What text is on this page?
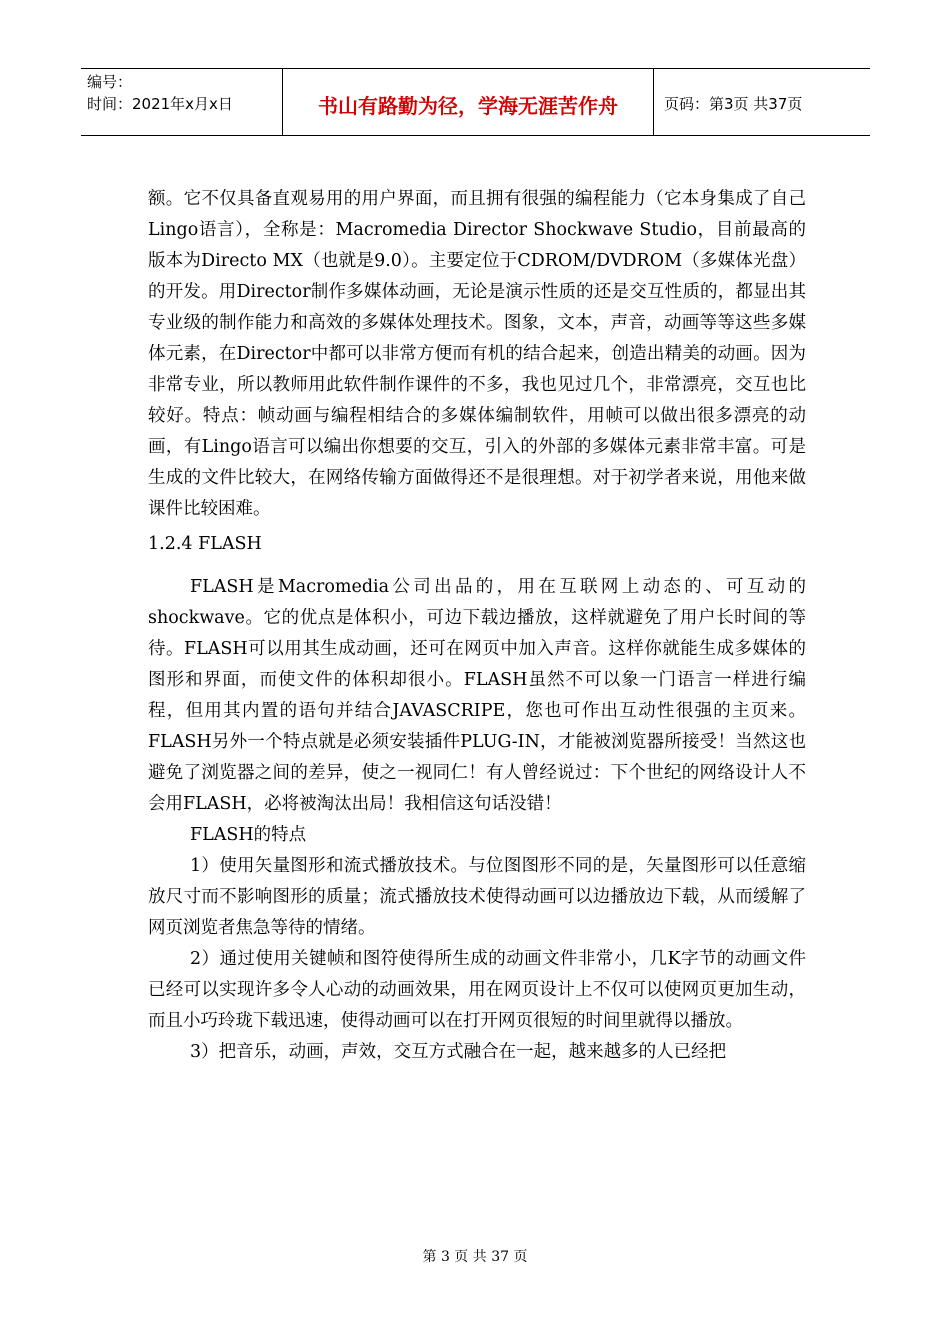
编号：
时间：2021年x月x日	书山有路勤为径，学海无涯苦作舟	页码：第3页 共37页

额。它不仅具备直观易用的用户界面，而且拥有很强的编程能力（它本身集成了自己Lingo语言），全称是：Macromedia Director Shockwave Studio，目前最高的版本为Directo MX（也就是9.0）。主要定位于CDROM/DVDROM（多媒体光盘）的开发。用Director制作多媒体动画，无论是演示性质的还是交互性质的，都显出其专业级的制作能力和高效的多媒体处理技术。图象，文本，声音，动画等等这些多媒体元素，在Director中都可以非常方便而有机的结合起来，创造出精美的动画。因为非常专业，所以教师用此软件制作课件的不多，我也见过几个，非常漂亮，交互也比较好。特点：帧动画与编程相结合的多媒体编制软件，用帧可以做出很多漂亮的动画，有Lingo语言可以编出你想要的交互，引入的外部的多媒体元素非常丰富。可是生成的文件比较大，在网络传输方面做得还不是很理想。对于初学者来说，用他来做课件比较困难。

1.2.4 FLASH

FLASH是Macromedia公司出品的，用在互联网上动态的、可互动的shockwave。它的优点是体积小，可边下载边播放，这样就避免了用户长时间的等待。FLASH可以用其生成动画，还可在网页中加入声音。这样你就能生成多媒体的图形和界面，而使文件的体积却很小。FLASH虽然不可以象一门语言一样进行编程，但用其内置的语句并结合JAVASCRIPE，您也可作出互动性很强的主页来。FLASH另外一个特点就是必须安装插件PLUG-IN，才能被浏览器所接受！当然这也避免了浏览器之间的差异，使之一视同仁！有人曾经说过：下个世纪的网络设计人不会用FLASH，必将被淘汰出局！我相信这句话没错！

FLASH的特点

1）使用矢量图形和流式播放技术。与位图图形不同的是，矢量图形可以任意缩放尺寸而不影响图形的质量；流式播放技术使得动画可以边播放边下载，从而缓解了网页浏览者焦急等待的情绪。

2）通过使用关键帧和图符使得所生成的动画文件非常小，几K字节的动画文件已经可以实现许多令人心动的动画效果，用在网页设计上不仅可以使网页更加生动，而且小巧玲珑下载迅速，使得动画可以在打开网页很短的时间里就得以播放。

3）把音乐，动画，声效，交互方式融合在一起，越来越多的人已经把

第 3 页 共 37 页
